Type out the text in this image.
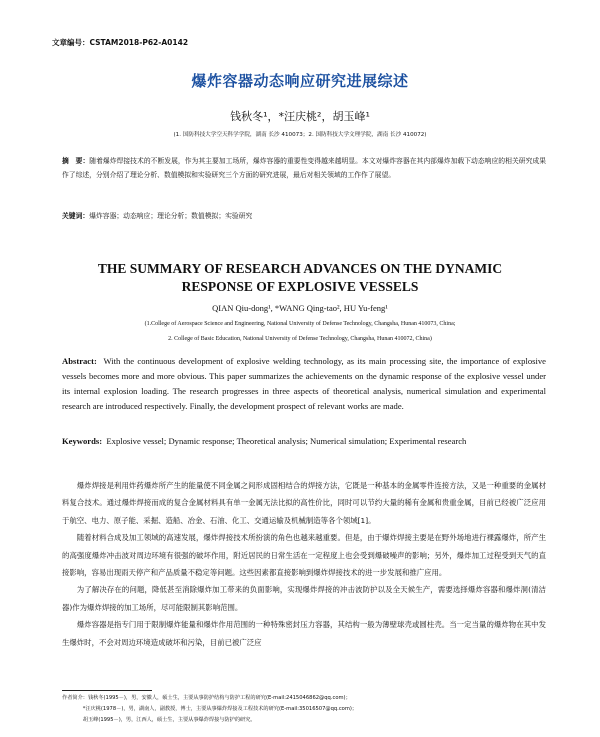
文章编号：CSTAM2018-P62-A0142
爆炸容器动态响应研究进展综述
钱秋冬¹，*汪庆桃²，胡玉峰¹
(1. 国防科技大学空天科学学院，湖南 长沙 410073；2. 国防科技大学文理学院，湖南 长沙 410072)
摘　要：随着爆炸焊接技术的不断发展，作为其主要加工场所，爆炸容器的重要性变得越来越明显。本文对爆炸容器在其内部爆炸加载下动态响应的相关研究成果作了综述，分别介绍了理论分析、数值模拟和实验研究三个方面的研究进展，最后对相关领域的工作作了展望。
关键词：爆炸容器；动态响应；理论分析；数值模拟；实验研究
THE SUMMARY OF RESEARCH ADVANCES ON THE DYNAMIC
RESPONSE OF EXPLOSIVE VESSELS
QIAN Qiu-dong¹, *WANG Qing-tao², HU Yu-feng¹
(1.College of Aerospace Science and Engineering, National University of Defense Technology, Changsha, Hunan 410073, China;
2. College of Basic Education, National University of Defense Technology, Changsha, Hunan 410072, China)
Abstract: With the continuous development of explosive welding technology, as its main processing site, the importance of explosive vessels becomes more and more obvious. This paper summarizes the achievements on the dynamic response of the explosive vessel under its internal explosion loading. The research progresses in three aspects of theoretical analysis, numerical simulation and experimental research are introduced respectively. Finally, the development prospect of relevant works are made.
Keywords: Explosive vessel; Dynamic response; Theoretical analysis; Numerical simulation; Experimental research

爆炸焊接是利用炸药爆炸所产生的能量使不同金属之间形成固相结合的焊接方法，它既是一种基本的金属零件连接方法，又是一种重要的金属材料复合技术。通过爆炸焊接而成的复合金属材料具有单一金属无法比拟的高性价比，同时可以节约大量的稀有金属和贵重金属，目前已经被广泛应用于航空、电力、原子能、采掘、造船、冶金、石油、化工、交通运输及机械制造等各个领域[1]。

随着材料合成及加工领域的高速发展，爆炸焊接技术所扮演的角色也越来越重要。但是，由于爆炸焊接主要是在野外场地进行裸露爆炸，所产生的高强度爆炸冲击波对周边环境有很强的破坏作用，附近居民的日常生活在一定程度上也会受到爆破噪声的影响；另外，爆炸加工过程受到天气的直接影响，容易出现雨天停产和产品质量不稳定等问题。这些因素都直接影响到爆炸焊接技术的进一步发展和推广应用。

为了解决存在的问题，降低甚至消除爆炸加工带来的负面影响，实现爆炸焊接的冲击波防护以及全天候生产，需要选择爆炸容器和爆炸洞(清洁器)作为爆炸焊接的加工场所，尽可能限制其影响范围。

爆炸容器是指专门用于限制爆炸能量和爆炸作用范围的一种特殊密封压力容器，其结构一般为薄壁球壳或圆柱壳。当一定当量的爆炸物在其中发生爆炸时，不会对周边环境造成破坏和污染，目前已被广泛应

作者简介：钱秋冬(1995－)，男，安徽人，硕士生，主要从事防护结构与防护工程的研究(E-mail:2415046862@qq.com)；
　　　　*汪庆桃(1978－)，男，湖南人，副教授，博士，主要从事爆炸焊接及工程技术的研究(E-mail:35016507@qq.com)；
　　　　胡玉峰(1995－)，男，江西人，硕士生，主要从事爆炸焊接与防护的研究。
